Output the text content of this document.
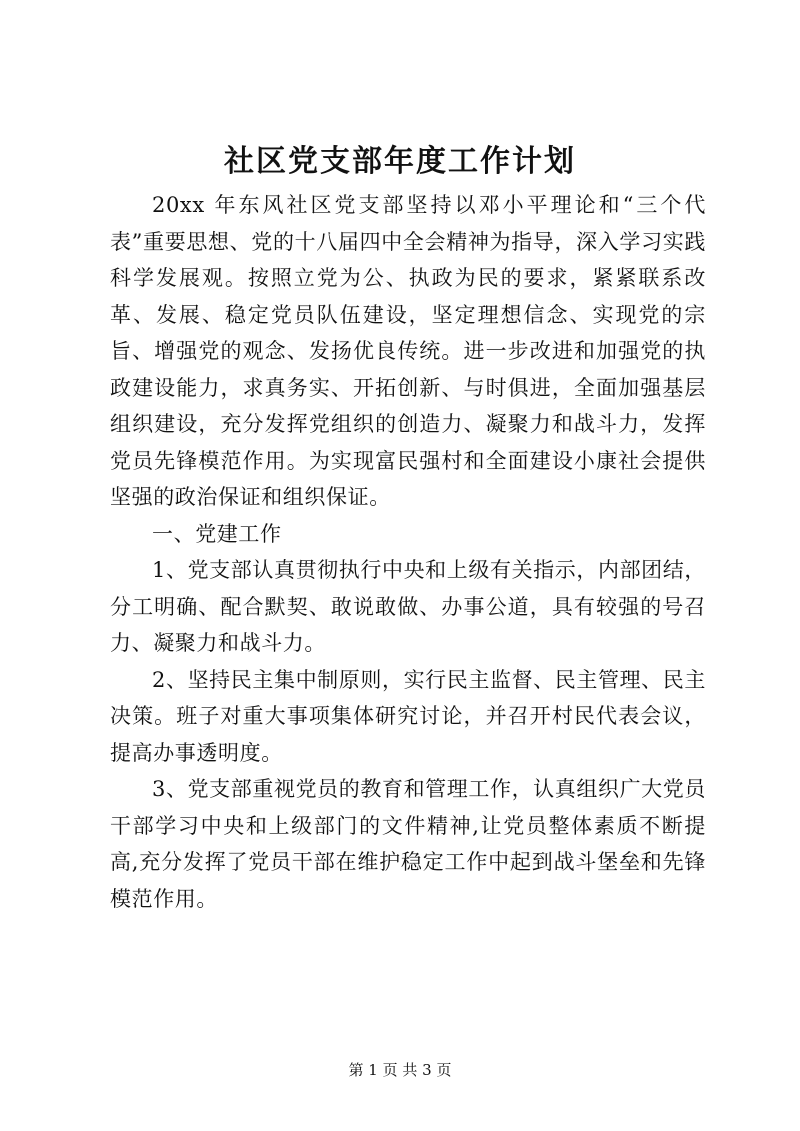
社区党支部年度工作计划

20xx 年东风社区党支部坚持以邓小平理论和“三个代表”重要思想、党的十八届四中全会精神为指导，深入学习实践科学发展观。按照立党为公、执政为民的要求，紧紧联系改革、发展、稳定党员队伍建设，坚定理想信念、实现党的宗旨、增强党的观念、发扬优良传统。进一步改进和加强党的执政建设能力，求真务实、开拓创新、与时俱进，全面加强基层组织建设，充分发挥党组织的创造力、凝聚力和战斗力，发挥党员先锋模范作用。为实现富民强村和全面建设小康社会提供坚强的政治保证和组织保证。

一、党建工作

1、党支部认真贯彻执行中央和上级有关指示，内部团结，分工明确、配合默契、敢说敢做、办事公道，具有较强的号召力、凝聚力和战斗力。

2、坚持民主集中制原则，实行民主监督、民主管理、民主决策。班子对重大事项集体研究讨论，并召开村民代表会议，提高办事透明度。

3、党支部重视党员的教育和管理工作，认真组织广大党员干部学习中央和上级部门的文件精神,让党员整体素质不断提高,充分发挥了党员干部在维护稳定工作中起到战斗堡垒和先锋模范作用。

第 1 页 共 3 页
